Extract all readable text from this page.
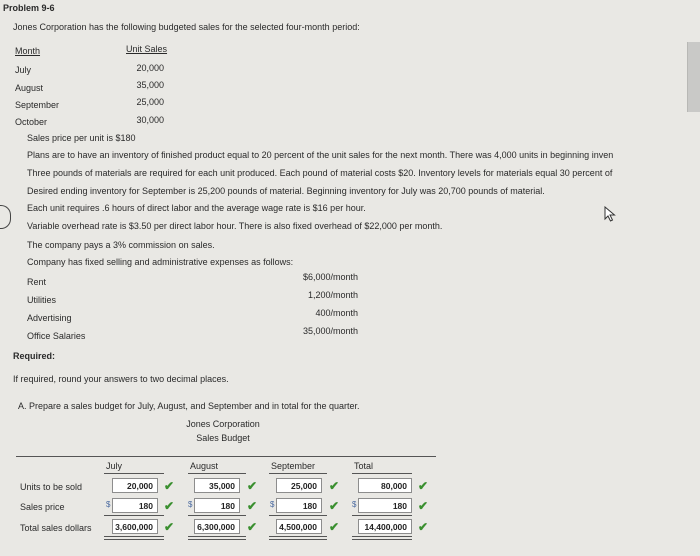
Problem 9-6
Jones Corporation has the following budgeted sales for the selected four-month period:
Month	Unit Sales
July	20,000
August	35,000
September	25,000
October	30,000
Sales price per unit is $180
Plans are to have an inventory of finished product equal to 20 percent of the unit sales for the next month. There was 4,000 units in beginning inven
Three pounds of materials are required for each unit produced. Each pound of material costs $20. Inventory levels for materials equal 30 percent of
Desired ending inventory for September is 25,200 pounds of material. Beginning inventory for July was 20,700 pounds of material.
Each unit requires .6 hours of direct labor and the average wage rate is $16 per hour.
Variable overhead rate is $3.50 per direct labor hour. There is also fixed overhead of $22,000 per month.
The company pays a 3% commission on sales.
Company has fixed selling and administrative expenses as follows:
Rent	$6,000/month
Utilities	1,200/month
Advertising	400/month
Office Salaries	35,000/month
Required:
If required, round your answers to two decimal places.
A. Prepare a sales budget for July, August, and September and in total for the quarter.
Jones Corporation
Sales Budget
July	August	September	Total
Units to be sold	20,000 ✔	35,000	✔	25,000	✔	80,000 ✔
Sales price	$	180 ✔ $	180	✔ $	180	✔ $	180 ✔
Total sales dollars	3,600,000 ✔	6,300,000	✔	4,500,000	✔	14,400,000 ✔
